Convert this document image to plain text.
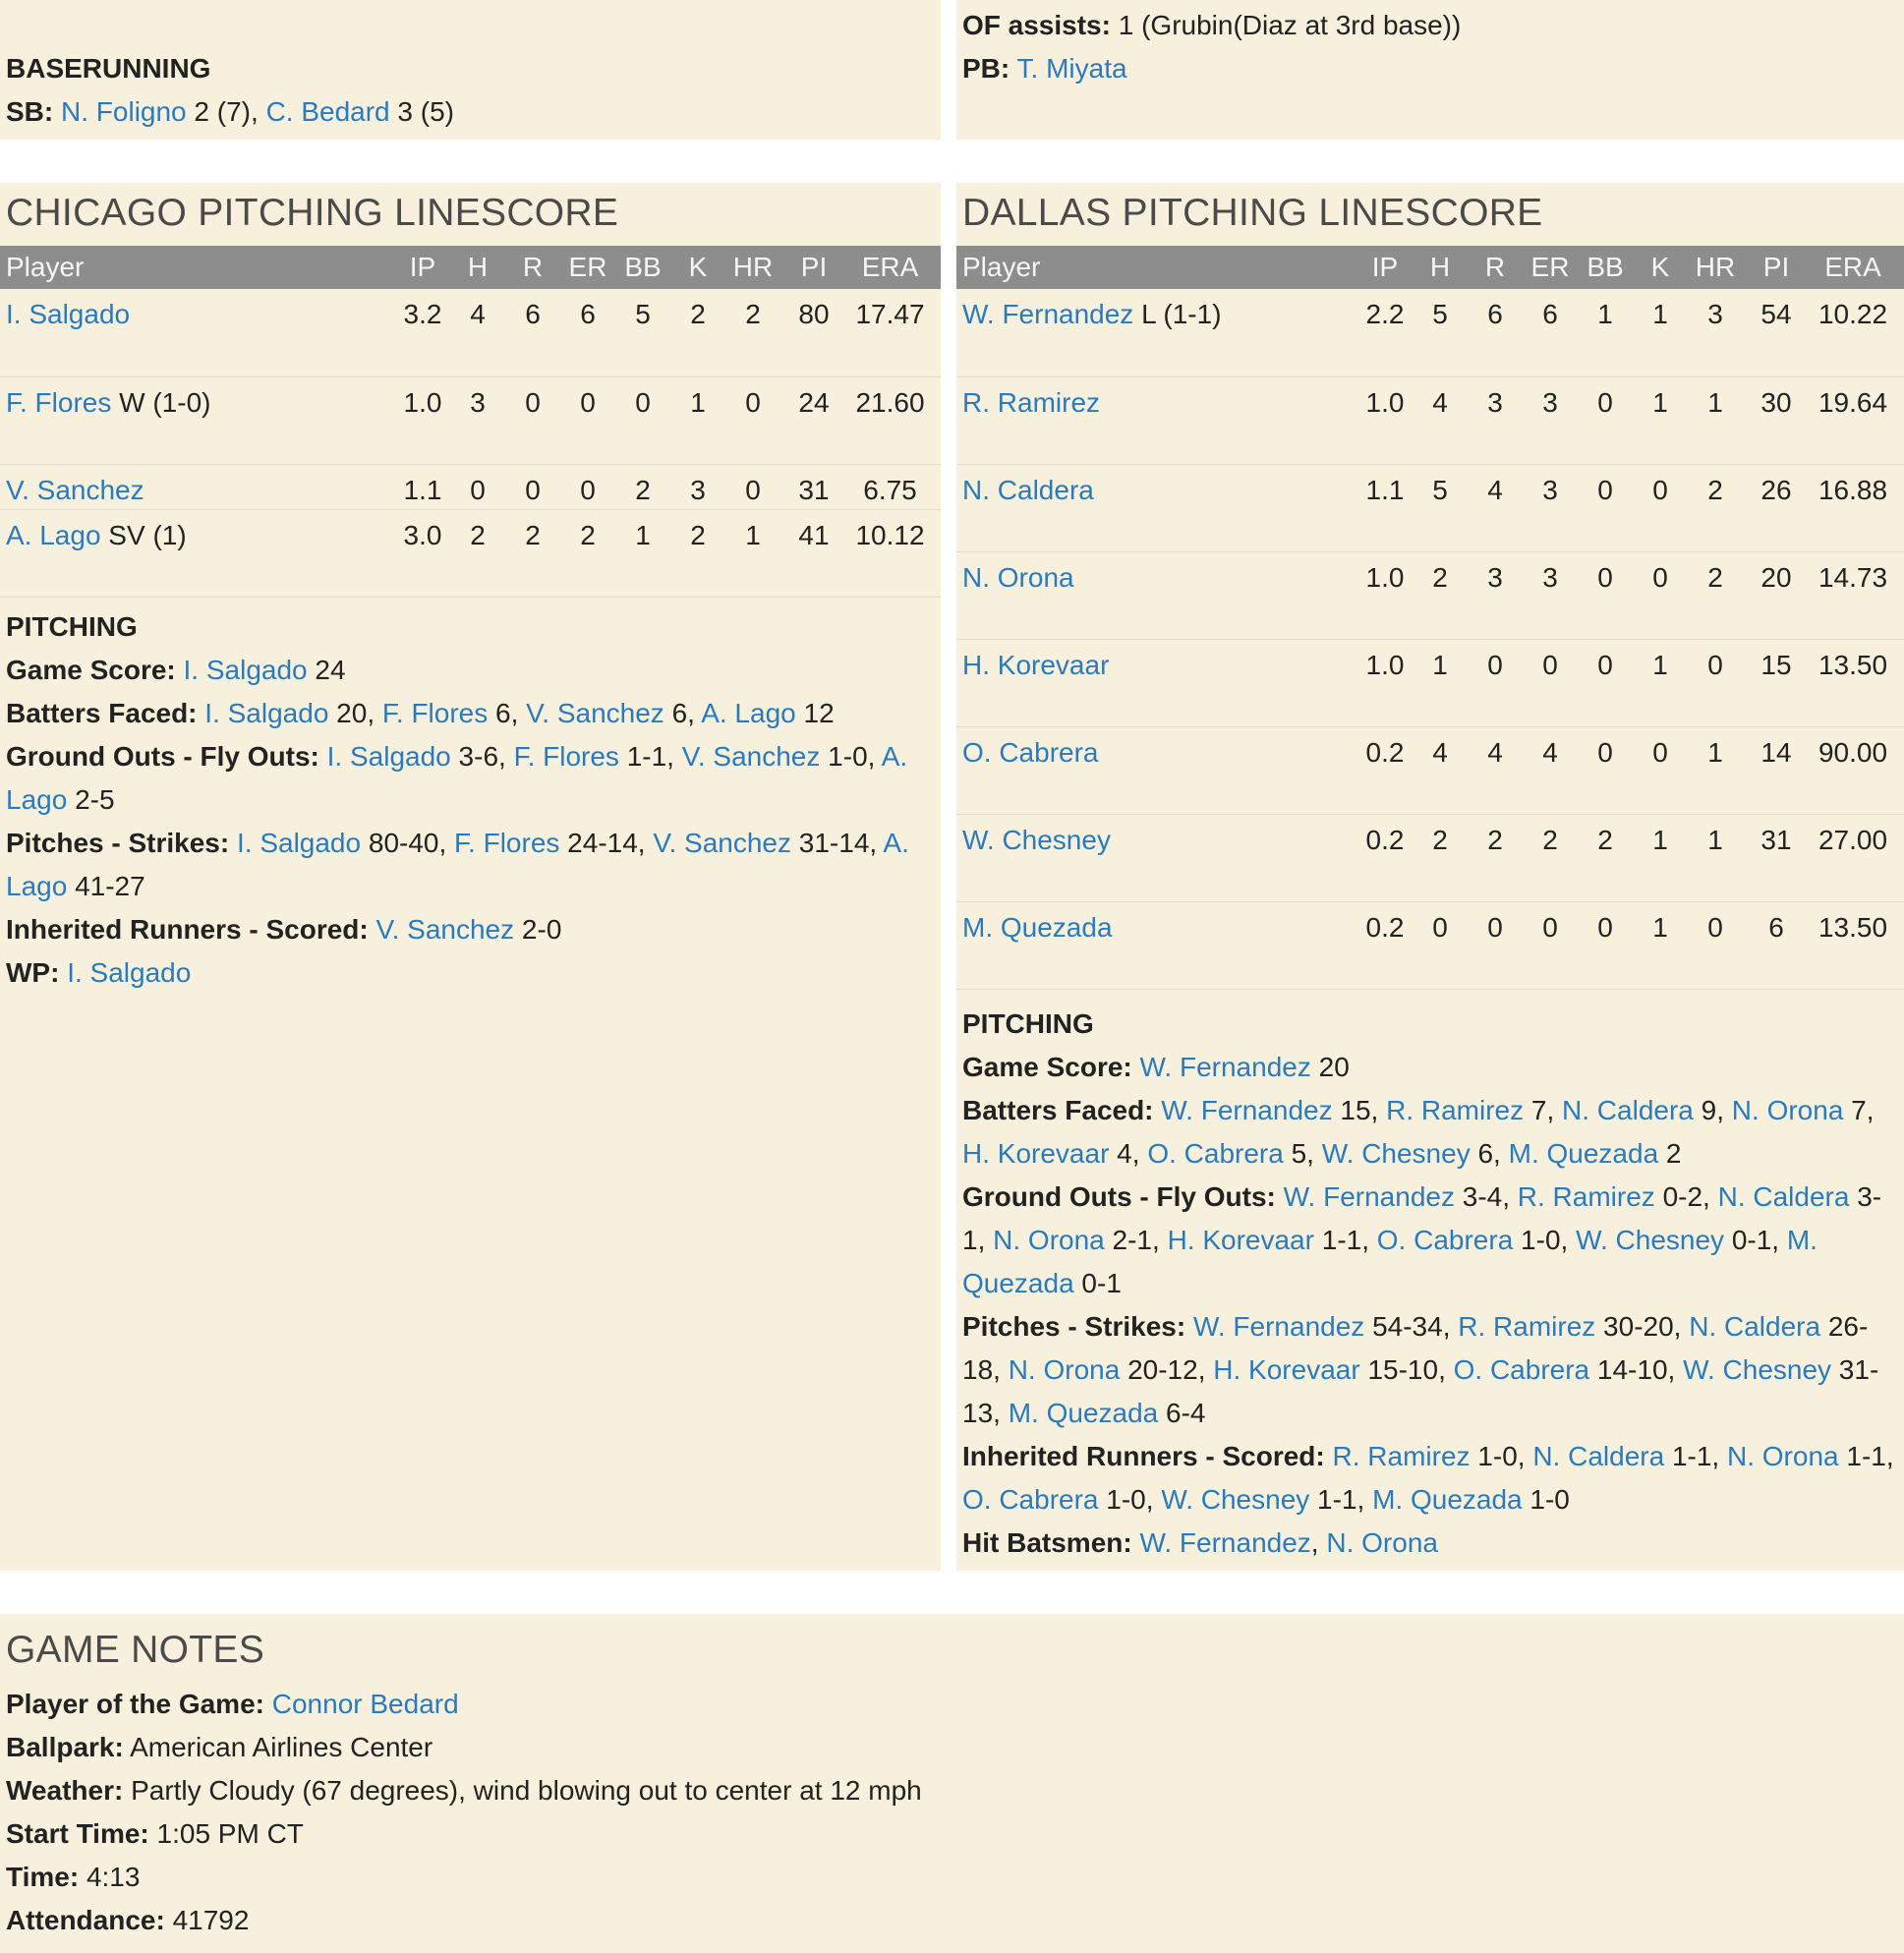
BASERUNNING
SB: N. Foligno 2 (7), C. Bedard 3 (5)
OF assists: 1 (Grubin(Diaz at 3rd base))
PB: T. Miyata
CHICAGO PITCHING LINESCORE
Player	IP	H	R	ER	BB	K	HR	PI	ERA
I. Salgado	3.2	4	6	6	5	2	2	80	17.47
F. Flores W (1-0)	1.0	3	0	0	0	1	0	24	21.60
V. Sanchez	1.1	0	0	0	2	3	0	31	6.75
A. Lago SV (1)	3.0	2	2	2	1	2	1	41	10.12
PITCHING
Game Score: I. Salgado 24
Batters Faced: I. Salgado 20, F. Flores 6, V. Sanchez 6, A. Lago 12
Ground Outs - Fly Outs: I. Salgado 3-6, F. Flores 1-1, V. Sanchez 1-0, A. Lago 2-5
Pitches - Strikes: I. Salgado 80-40, F. Flores 24-14, V. Sanchez 31-14, A. Lago 41-27
Inherited Runners - Scored: V. Sanchez 2-0
WP: I. Salgado
DALLAS PITCHING LINESCORE
Player	IP	H	R	ER	BB	K	HR	PI	ERA
W. Fernandez L (1-1)	2.2	5	6	6	1	1	3	54	10.22
R. Ramirez	1.0	4	3	3	0	1	1	30	19.64
N. Caldera	1.1	5	4	3	0	0	2	26	16.88
N. Orona	1.0	2	3	3	0	0	2	20	14.73
H. Korevaar	1.0	1	0	0	0	1	0	15	13.50
O. Cabrera	0.2	4	4	4	0	0	1	14	90.00
W. Chesney	0.2	2	2	2	2	1	1	31	27.00
M. Quezada	0.2	0	0	0	0	1	0	6	13.50
PITCHING
Game Score: W. Fernandez 20
Batters Faced: W. Fernandez 15, R. Ramirez 7, N. Caldera 9, N. Orona 7, H. Korevaar 4, O. Cabrera 5, W. Chesney 6, M. Quezada 2
Ground Outs - Fly Outs: W. Fernandez 3-4, R. Ramirez 0-2, N. Caldera 3-1, N. Orona 2-1, H. Korevaar 1-1, O. Cabrera 1-0, W. Chesney 0-1, M. Quezada 0-1
Pitches - Strikes: W. Fernandez 54-34, R. Ramirez 30-20, N. Caldera 26-18, N. Orona 20-12, H. Korevaar 15-10, O. Cabrera 14-10, W. Chesney 31-13, M. Quezada 6-4
Inherited Runners - Scored: R. Ramirez 1-0, N. Caldera 1-1, N. Orona 1-1, O. Cabrera 1-0, W. Chesney 1-1, M. Quezada 1-0
Hit Batsmen: W. Fernandez, N. Orona
GAME NOTES
Player of the Game: Connor Bedard
Ballpark: American Airlines Center
Weather: Partly Cloudy (67 degrees), wind blowing out to center at 12 mph
Start Time: 1:05 PM CT
Time: 4:13
Attendance: 41792
